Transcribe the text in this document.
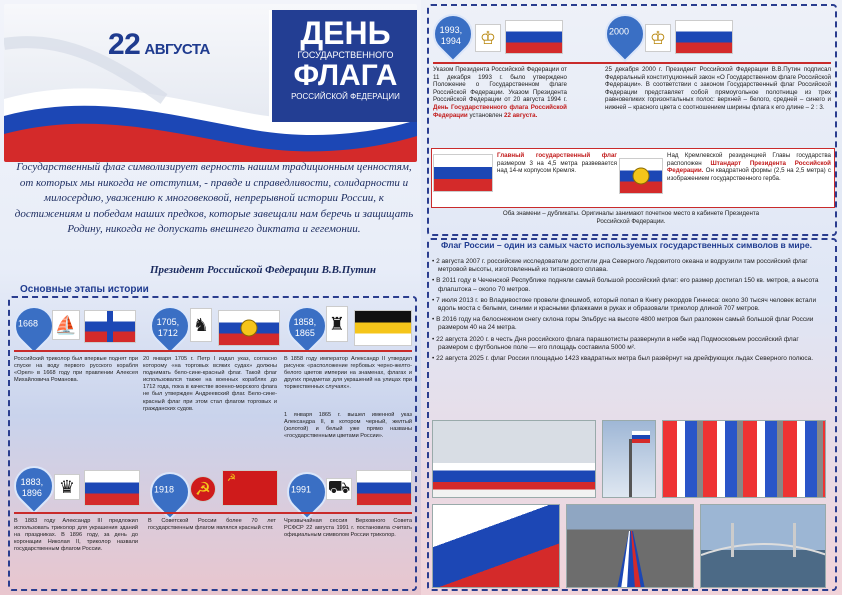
22 АВГУСТА	ДЕНЬ
ГОСУДАРСТВЕННОГО
ФЛАГА
РОССИЙСКОЙ ФЕДЕРАЦИИ
Государственный флаг символизирует верность нашим традиционным ценностям, от которых мы никогда не отступим, - правде и справедливости, солидарности и милосердию, уважению к многовековой, непрерывной истории России, к достижениям и победам наших предков, которые завещали нам беречь и защищать Родину, никогда не допускать внешнего диктата и гегемонии.
Президент Российской Федерации В.В.Путин
Основные этапы истории
1668 ⛵	1705,
1712 ♞	1858,
1865 ♜
Российский триколор был впервые поднят при спуске на воду первого русского корабля «Орел» в 1668 году при правлении Алексея Михайловича Романова.
20 января 1705 г. Петр I издал указ, согласно которому «на торговых всяких судах» должны поднимать бело-сине-красный флаг. Такой флаг использовался также на военных кораблях до 1712 года, пока в качестве военно-морского флага не был утвержден Андреевский флаг. Бело-сине-красный флаг при этом стал флагом торговых и гражданских судов.
В 1858 году император Александр II утвердил рисунок «расположение гербовых черно-желто-белого цветов империи на знаменах, флагах и других предметах для украшений на улицах при торжественных случаях».
1 января 1865 г. вышел именной указ Александра II, в котором черный, желтый (золотой) и белый уже прямо названы «государственными цветами России».
1883,
1896 ♛	1918	☭	☭
1991 ⛟
В 1883 году Александр III предложил использовать триколор для украшения зданий на праздниках. В 1896 году, за день до коронации Николая II, триколор назвали государственным флагом России.
В Советской России более 70 лет государственным флагом являлся красный стяг.
Чрезвычайная сессия Верховного Совета РСФСР 22 августа 1991 г. постановила считать официальным символом России триколор.
1993,
1994	♔	2000	♔
Указом Президента Российской Федерации от 11 декабря 1993 г. было утверждено Положение о Государственном флаге Российской Федерации. Указом Президента Российской Федерации от 20 августа 1994 г. День Государственного флага Российской Федерации установлен 22 августа.
25 декабря 2000 г. Президент Российской Федерации В.В.Путин подписал Федеральный конституционный закон «О Государственном флаге Российской Федерации». В соответствии с законом Государственный флаг Российской Федерации представляет собой прямоугольное полотнище из трех равновеликих горизонтальных полос: верхней – белого, средней – синего и нижней – красного цвета с соотношением ширины флага к его длине – 2 : 3.
Главный государственный флаг размером 3 на 4,5 метра развевается над 14-м корпусом Кремля.
Над Кремлевской резиденцией Главы государства расположен Штандарт Президента Российской Федерации. Он квадратной формы (2,5 на 2,5 метра) с изображением государственного герба.
Оба знамени – дубликаты. Оригиналы занимают почетное место в кабинете Президента Российской Федерации.
Флаг России – один из самых часто используемых государственных символов в мире.

• 2 августа 2007 г. российские исследователи достигли дна Северного Ледовитого океана и водрузили там российский флаг метровой высоты, изготовленный из титанового сплава.

• В 2011 году в Чеченской Республике подняли самый большой российский флаг: его размер достигал 150 кв. метров, а высота флагштока – около 70 метров.

• 7 июля 2013 г. во Владивостоке провели флешмоб, который попал в Книгу рекордов Гиннеса: около 30 тысяч человек встали вдоль моста с белыми, синими и красными флажками в руках и образовали триколор длиной 707 метров.

• В 2016 году на белоснежном снегу склона горы Эльбрус на высоте 4800 метров был разложен самый большой флаг России размером 40 на 24 метра.

• 22 августа 2020 г. в честь Дня российского флага парашютисты развернули в небе над Подмосковьем российский флаг размером с футбольное поле — его площадь составила 5000 м².

• 22 августа 2025 г. флаг России площадью 1423 квадратных метра был развёрнут на дрейфующих льдах Северного полюса.
